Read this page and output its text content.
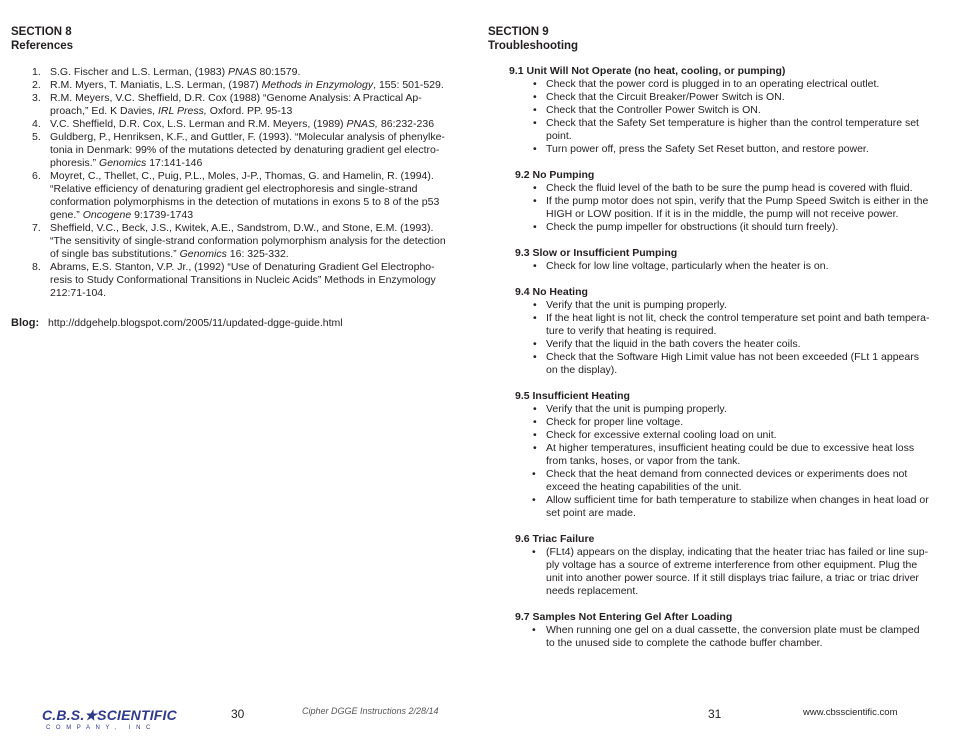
SECTION 8
References
1. S.G. Fischer and L.S. Lerman, (1983) PNAS 80:1579.
2. R.M. Myers, T. Maniatis, L.S. Lerman, (1987) Methods in Enzymology, 155: 501-529.
3. R.M. Meyers, V.C. Sheffield, D.R. Cox (1988) “Genome Analysis: A Practical Ap-
proach,” Ed. K Davies, IRL Press, Oxford. PP. 95-13
4. V.C. Sheffield, D.R. Cox, L.S. Lerman and R.M. Meyers, (1989) PNAS, 86:232-236
5. Guldberg, P., Henriksen, K.F., and Guttler, F. (1993). “Molecular analysis of phenylke-
tonia in Denmark: 99% of the mutations detected by denaturing gradient gel electro-
phoresis.” Genomics 17:141-146
6. Moyret, C., Thellet, C., Puig, P.L., Moles, J-P., Thomas, G. and Hamelin, R. (1994).
“Relative efficiency of denaturing gradient gel electrophoresis and single-strand
conformation polymorphisms in the detection of mutations in exons 5 to 8 of the p53
gene.” Oncogene 9:1739-1743
7. Sheffield, V.C., Beck, J.S., Kwitek, A.E., Sandstrom, D.W., and Stone, E.M. (1993).
“The sensitivity of single-strand conformation polymorphism analysis for the detection
of single bas substitutions.” Genomics 16: 325-332.
8. Abrams, E.S. Stanton, V.P. Jr., (1992) “Use of Denaturing Gradient Gel Electropho-
resis to Study Conformational Transitions in Nucleic Acids” Methods in Enzymology
212:71-104.
Blog: http://ddgehelp.blogspot.com/2005/11/updated-dgge-guide.html
SECTION 9
Troubleshooting
9.1 Unit Will Not Operate (no heat, cooling, or pumping)
• Check that the power cord is plugged in to an operating electrical outlet.
• Check that the Circuit Breaker/Power Switch is ON.
• Check that the Controller Power Switch is ON.
• Check that the Safety Set temperature is higher than the control temperature set
point.
• Turn power off, press the Safety Set Reset button, and restore power.
9.2 No Pumping
• Check the fluid level of the bath to be sure the pump head is covered with fluid.
• If the pump motor does not spin, verify that the Pump Speed Switch is either in the
HIGH or LOW position. If it is in the middle, the pump will not receive power.
• Check the pump impeller for obstructions (it should turn freely).
9.3 Slow or Insufficient Pumping
• Check for low line voltage, particularly when the heater is on.
9.4 No Heating
• Verify that the unit is pumping properly.
• If the heat light is not lit, check the control temperature set point and bath tempera-
ture to verify that heating is required.
• Verify that the liquid in the bath covers the heater coils.
• Check that the Software High Limit value has not been exceeded (FLt 1 appears
on the display).
9.5 Insufficient Heating
• Verify that the unit is pumping properly.
• Check for proper line voltage.
• Check for excessive external cooling load on unit.
• At higher temperatures, insufficient heating could be due to excessive heat loss
from tanks, hoses, or vapor from the tank.
• Check that the heat demand from connected devices or experiments does not
exceed the heating capabilities of the unit.
• Allow sufficient time for bath temperature to stabilize when changes in heat load or
set point are made.
9.6 Triac Failure
• (FLt4) appears on the display, indicating that the heater triac has failed or line sup-
ply voltage has a source of extreme interference from other equipment. Plug the
unit into another power source. If it still displays triac failure, a triac or triac driver
needs replacement.
9.7 Samples Not Entering Gel After Loading
• When running one gel on a dual cassette, the conversion plate must be clamped
to the unused side to complete the cathode buffer chamber.
C.B.S.★SCIENTIFIC
COMPANY, INC
30	Cipher DGGE Instructions 2/28/14	31	www.cbsscientific.com
